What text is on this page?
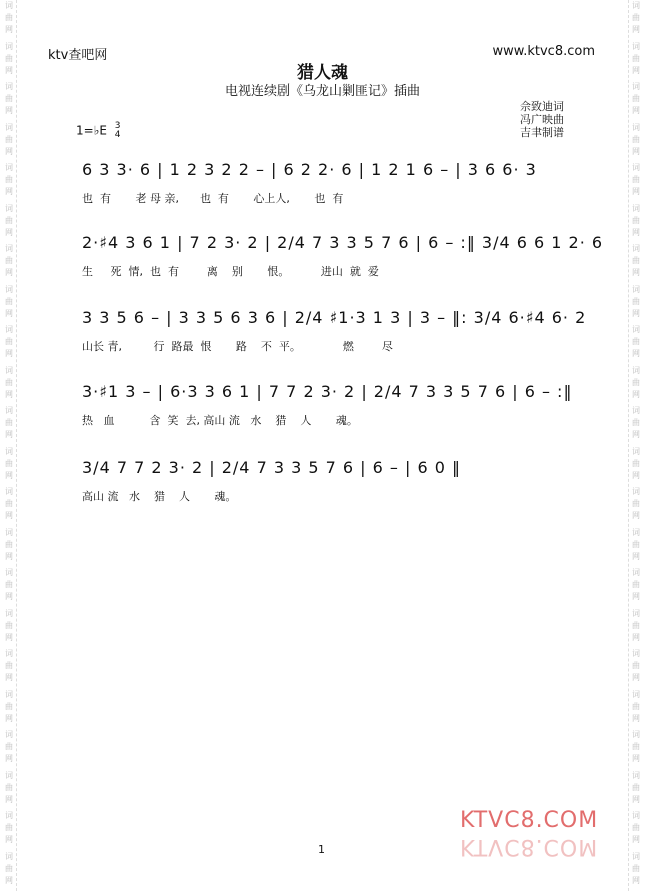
词
曲
网
词
曲
网
词
曲
网
词
曲
网
词
曲
网
词
曲
网
词
曲
网
词
曲
网
词
曲
网
词
曲
网
词
曲
网
词
曲
网
词
曲
网
词
曲
网
词
曲
网
词
曲
网
词
曲
网
词
曲
网
词
曲
网
词
曲
网
词
曲
网
词
曲
网
词
曲
网
词
曲
网
词
曲
网
词
曲
网
词
曲
网
词
曲
网
词
曲
网
词
曲
网
词
曲
网
词
曲
网
词
曲
网
词
曲
网
词
曲
网
词
曲
网
词
曲
网
词
曲
网
词
曲
网
词
曲
网
词
曲
网
词
曲
网
词
曲
网
词
曲
网
ktv查吧网	www.ktvc8.com
猎人魂
电视连续剧《乌龙山剿匪记》插曲
佘致迪词
冯广映曲
吉聿制谱
1=♭E 3
4
6 3 3· 6 | 1 2 3 2 2 – | 6 2 2· 6 | 1 2 1 6 – | 3 6 6· 3
也  有       老 母 亲,      也  有       心上人,       也  有
2·♯4 3 6 1 | 7 2 3· 2 | 2/4 7 3 3 5 7 6 | 6 – :‖ 3/4 6 6 1 2· 6
生     死  情,  也  有        离    别       恨。         进山  就  爱
3 3 5 6 – | 3 3 5 6 3 6 | 2/4 ♯1·3 1 3 | 3 – ‖: 3/4 6·♯4 6· 2
山长 青,         行  路最  恨       路    不  平。            燃        尽
3·♯1 3 – | 6·3 3 6 1 | 7 7 2 3· 2 | 2/4 7 3 3 5 7 6 | 6 – :‖
热   血          含  笑  去, 高山 流   水    猎    人       魂。
3/4 7 7 2 3· 2 | 2/4 7 3 3 5 7 6 | 6 – | 6 0 ‖
高山 流   水    猎    人       魂。
KTVC8.COM
KTVC8.COM
1
